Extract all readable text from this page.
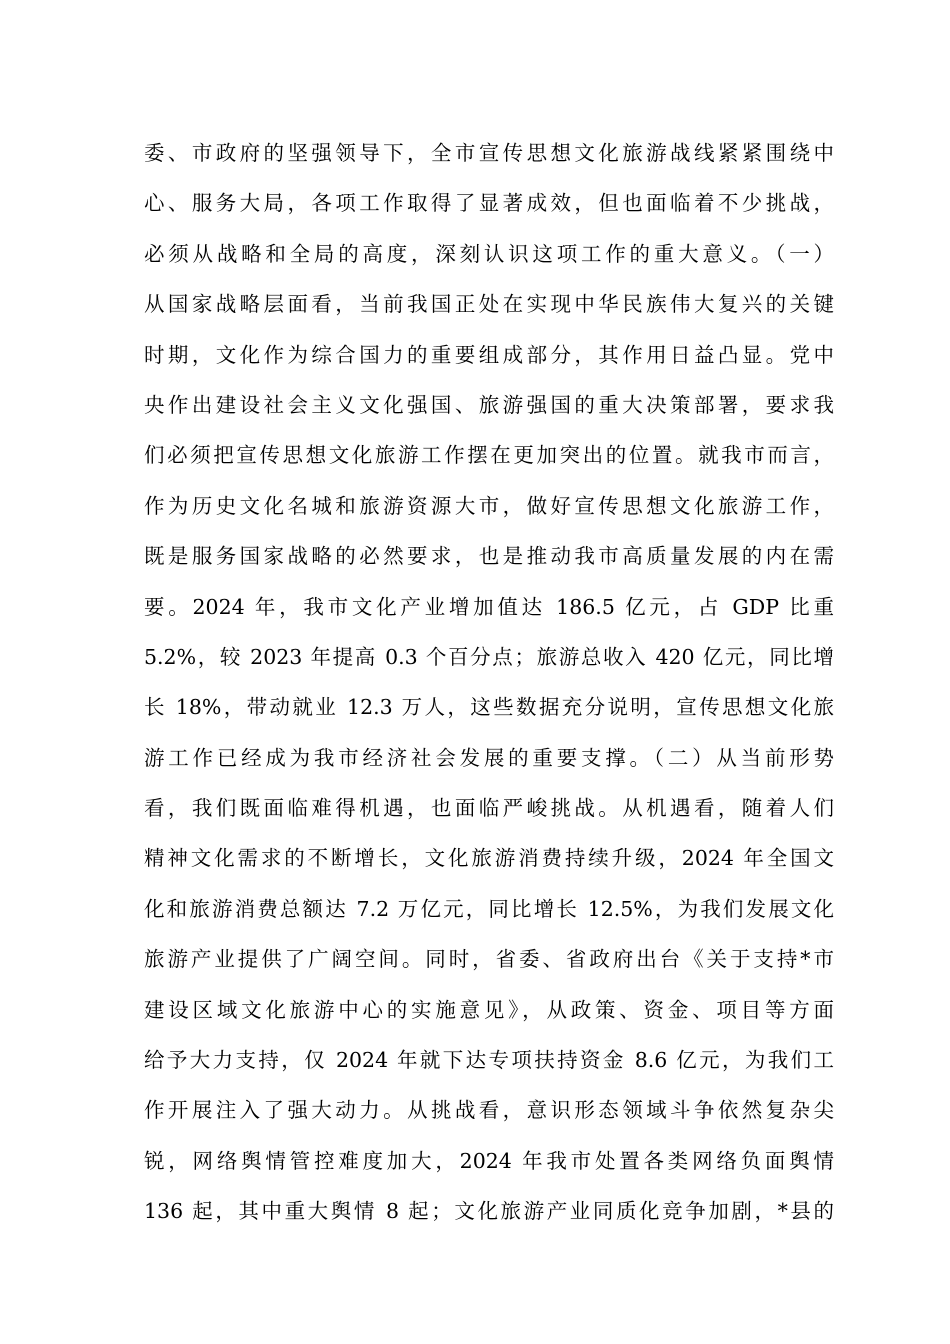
委、市政府的坚强领导下，全市宣传思想文化旅游战线紧紧围绕中
心、服务大局，各项工作取得了显著成效，但也面临着不少挑战，
必须从战略和全局的高度，深刻认识这项工作的重大意义。（一）
从国家战略层面看，当前我国正处在实现中华民族伟大复兴的关键
时期，文化作为综合国力的重要组成部分，其作用日益凸显。党中
央作出建设社会主义文化强国、旅游强国的重大决策部署，要求我
们必须把宣传思想文化旅游工作摆在更加突出的位置。就我市而言，
作为历史文化名城和旅游资源大市，做好宣传思想文化旅游工作，
既是服务国家战略的必然要求，也是推动我市高质量发展的内在需
要。2024 年，我市文化产业增加值达 186.5 亿元，占 GDP 比重
5.2%，较 2023 年提高 0.3 个百分点；旅游总收入 420 亿元，同比增
长 18%，带动就业 12.3 万人，这些数据充分说明，宣传思想文化旅
游工作已经成为我市经济社会发展的重要支撑。（二）从当前形势
看，我们既面临难得机遇，也面临严峻挑战。从机遇看，随着人们
精神文化需求的不断增长，文化旅游消费持续升级，2024 年全国文
化和旅游消费总额达 7.2 万亿元，同比增长 12.5%，为我们发展文化
旅游产业提供了广阔空间。同时，省委、省政府出台《关于支持*市
建设区域文化旅游中心的实施意见》，从政策、资金、项目等方面
给予大力支持，仅 2024 年就下达专项扶持资金 8.6 亿元，为我们工
作开展注入了强大动力。从挑战看，意识形态领域斗争依然复杂尖
锐，网络舆情管控难度加大，2024 年我市处置各类网络负面舆情
136 起，其中重大舆情 8 起；文化旅游产业同质化竞争加剧，*县的
